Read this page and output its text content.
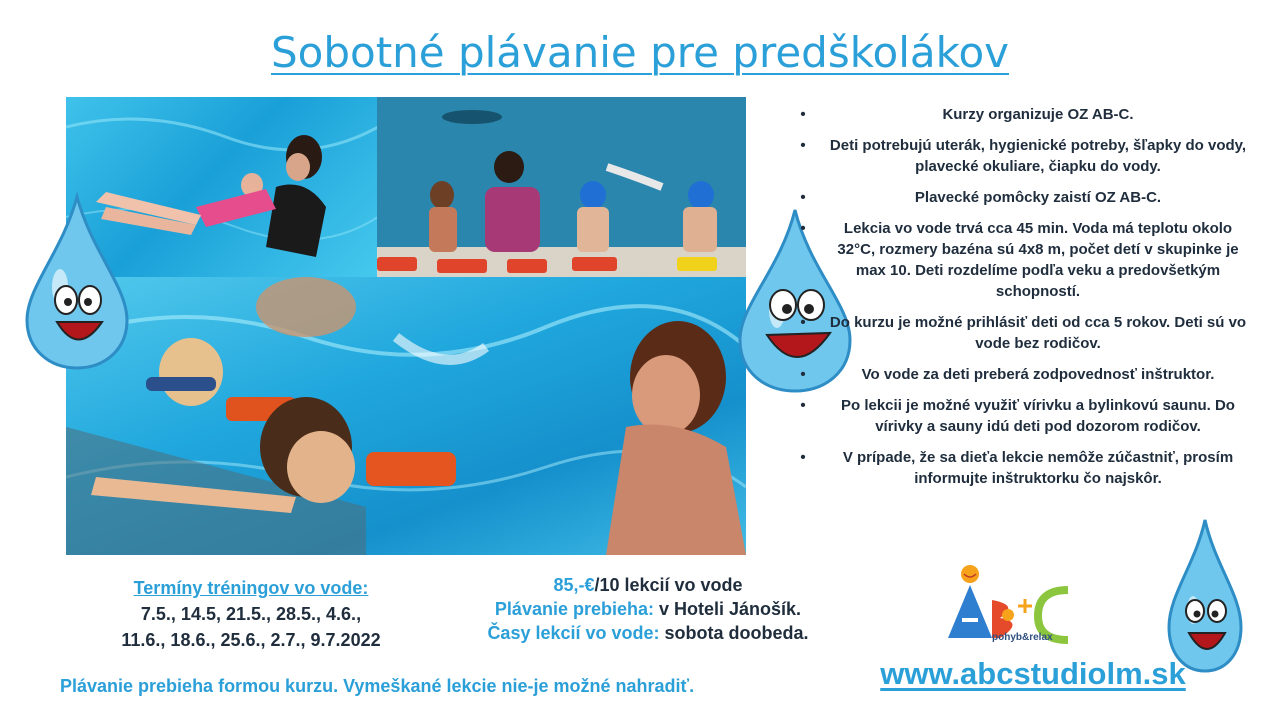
Sobotné plávanie pre predškolákov
•	Kurzy organizuje OZ AB-C.
•	Deti potrebujú uterák, hygienické potreby, šľapky do vody, plavecké okuliare, čiapku do vody.
•	Plavecké pomôcky zaistí OZ AB-C.
•	Lekcia vo vode trvá cca 45 min. Voda má teplotu okolo 32°C, rozmery bazéna sú 4x8 m, počet detí v skupinke je max 10. Deti rozdelíme podľa veku a predovšetkým schopností.
•	Do kurzu je možné prihlásiť deti od cca 5 rokov. Deti sú vo vode bez rodičov.
•	Vo vode za deti preberá zodpovednosť inštruktor.
•	Po lekcii je možné využiť vírivku a bylinkovú saunu. Do vírivky a sauny idú deti pod dozorom rodičov.
•	V prípade, že sa dieťa lekcie nemôže zúčastniť, prosím informujte inštruktorku čo najskôr.
Termíny tréningov vo vode:
7.5., 14.5, 21.5., 28.5., 4.6.,
11.6., 18.6., 25.6., 2.7., 9.7.2022
85,-€/10 lekcií vo vode
Plávanie prebieha: v Hoteli Jánošík.
Časy lekcií vo vode: sobota doobeda.
Plávanie prebieha formou kurzu. Vymeškané lekcie nie-je možné nahradiť.
pohyb&relax
www.abcstudiolm.sk
